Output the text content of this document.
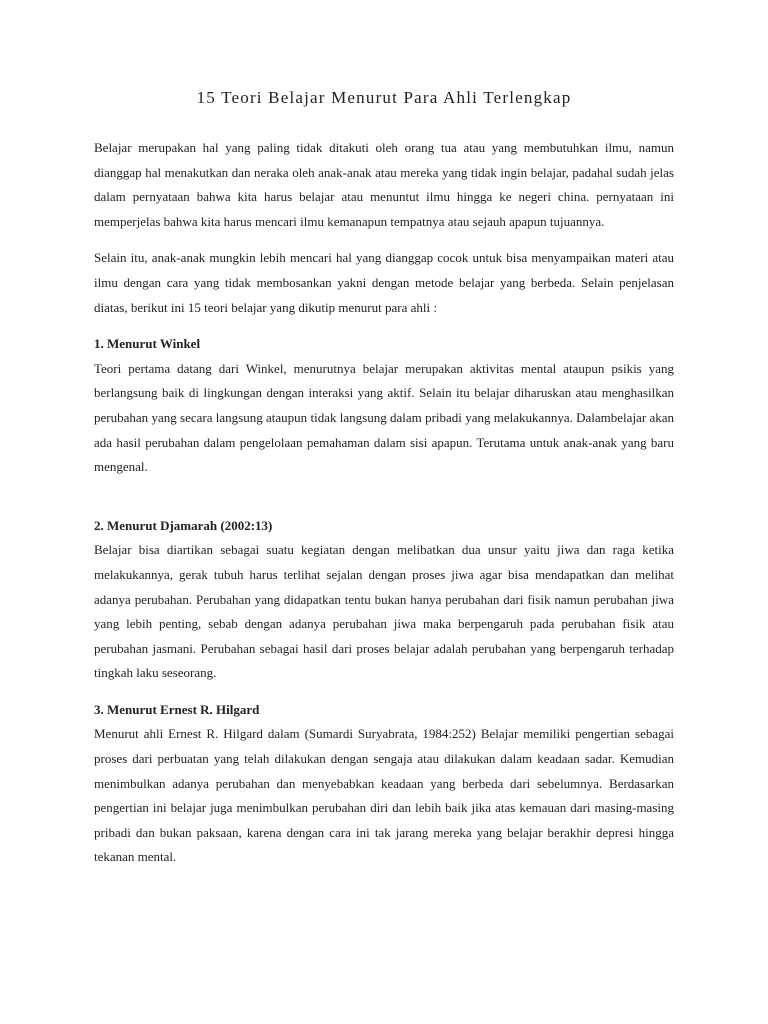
15 Teori Belajar Menurut Para Ahli Terlengkap

Belajar merupakan hal yang paling tidak ditakuti oleh orang tua atau yang membutuhkan ilmu, namun dianggap hal menakutkan dan neraka oleh anak-anak atau mereka yang tidak ingin belajar, padahal sudah jelas dalam pernyataan bahwa kita harus belajar atau menuntut ilmu hingga ke negeri china. pernyataan ini memperjelas bahwa kita harus mencari ilmu kemanapun tempatnya atau sejauh apapun tujuannya.

Selain itu, anak-anak mungkin lebih mencari hal yang dianggap cocok untuk bisa menyampaikan materi atau ilmu dengan cara yang tidak membosankan yakni dengan metode belajar yang berbeda. Selain penjelasan diatas, berikut ini 15 teori belajar yang dikutip menurut para ahli :

1. Menurut Winkel

Teori pertama datang dari Winkel, menurutnya belajar merupakan aktivitas mental ataupun psikis yang berlangsung baik di lingkungan dengan interaksi yang aktif. Selain itu belajar diharuskan atau menghasilkan perubahan yang secara langsung ataupun tidak langsung dalam pribadi yang melakukannya. Dalambelajar akan ada hasil perubahan dalam pengelolaan pemahaman dalam sisi apapun. Terutama untuk anak-anak yang baru mengenal.

2. Menurut Djamarah (2002:13)

Belajar bisa diartikan sebagai suatu kegiatan dengan melibatkan dua unsur yaitu jiwa dan raga ketika melakukannya, gerak tubuh harus terlihat sejalan dengan proses jiwa agar bisa mendapatkan dan melihat adanya perubahan. Perubahan yang didapatkan tentu bukan hanya perubahan dari fisik namun perubahan jiwa yang lebih penting, sebab dengan adanya perubahan jiwa maka berpengaruh pada perubahan fisik atau perubahan jasmani. Perubahan sebagai hasil dari proses belajar adalah perubahan yang berpengaruh terhadap tingkah laku seseorang.

3. Menurut Ernest R. Hilgard

Menurut ahli Ernest R. Hilgard dalam (Sumardi Suryabrata, 1984:252) Belajar memiliki pengertian sebagai proses dari perbuatan yang telah dilakukan dengan sengaja atau dilakukan dalam keadaan sadar. Kemudian menimbulkan adanya perubahan dan menyebabkan keadaan yang berbeda dari sebelumnya. Berdasarkan pengertian ini belajar juga menimbulkan perubahan diri dan lebih baik jika atas kemauan dari masing-masing pribadi dan bukan paksaan, karena dengan cara ini tak jarang mereka yang belajar berakhir depresi hingga tekanan mental.
